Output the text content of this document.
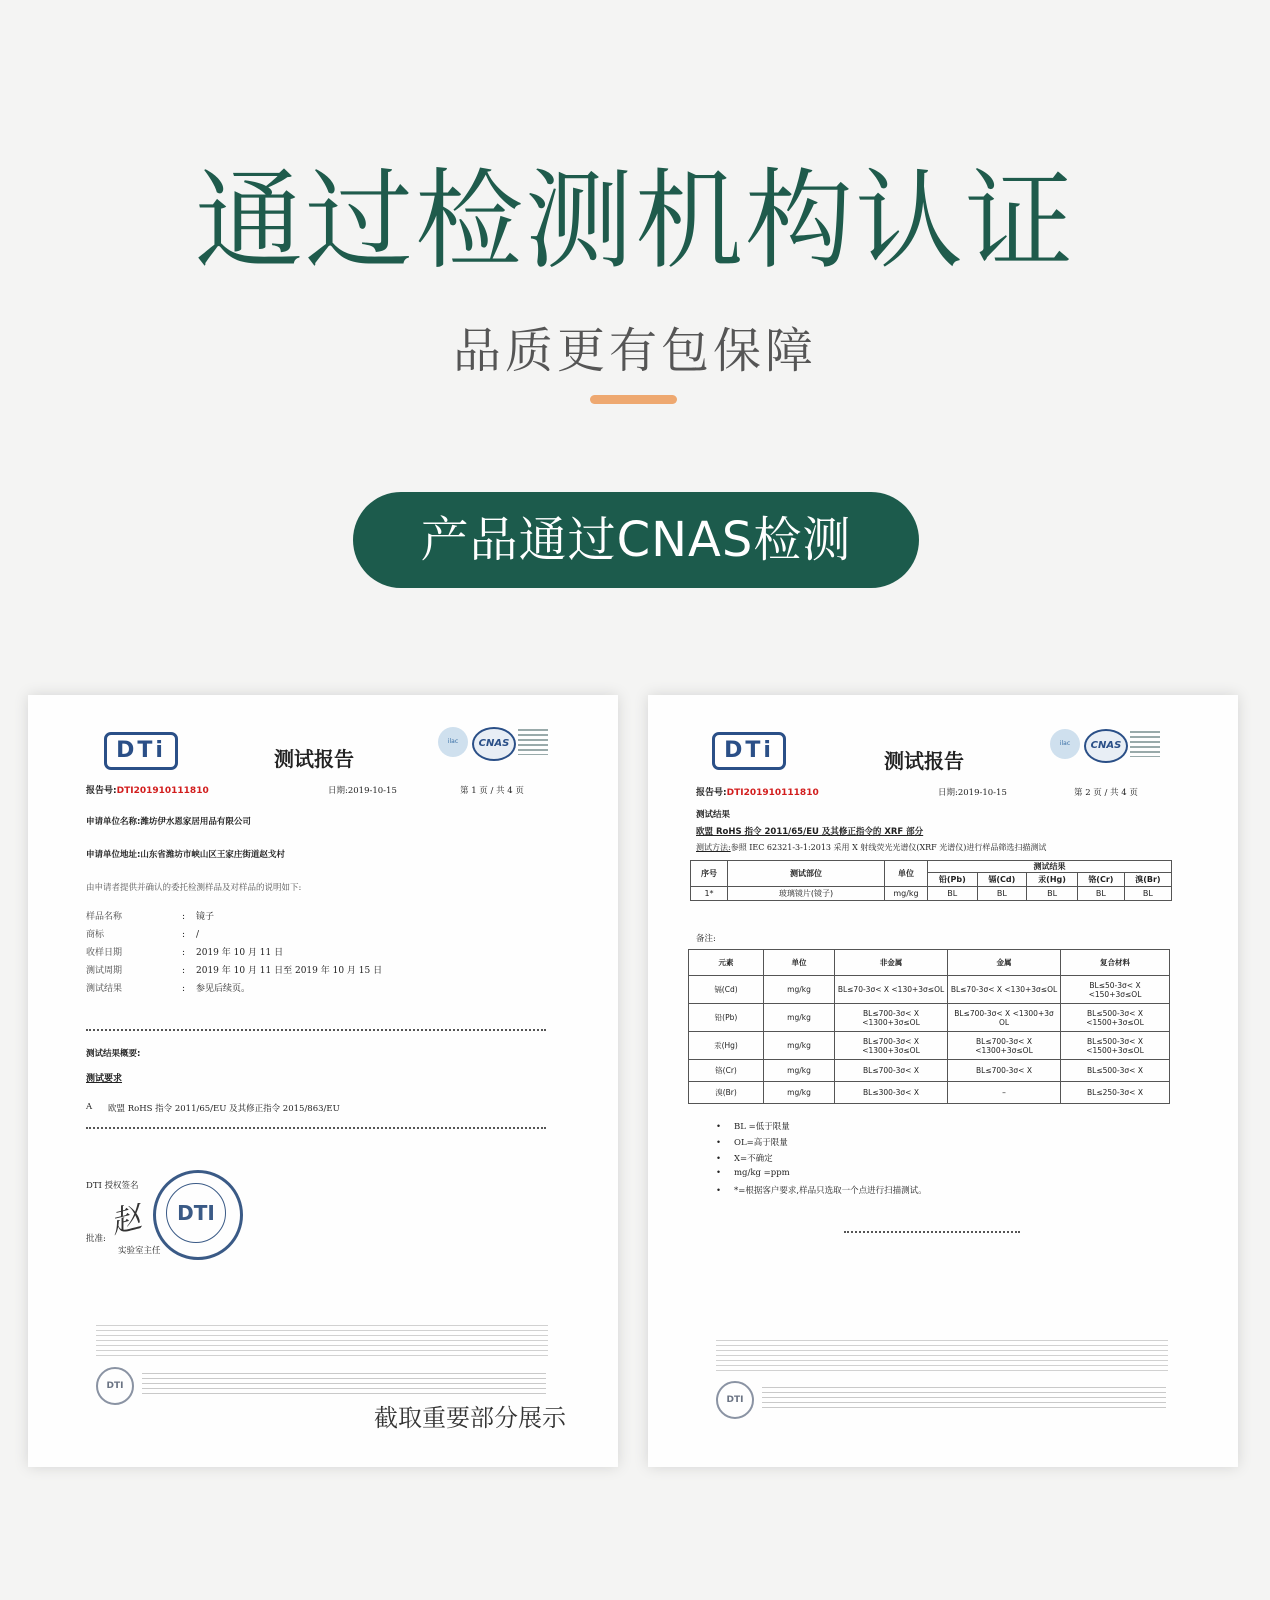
通过检测机构认证
品质更有包保障
产品通过CNAS检测
DTi	测试报告
ilac	CNAS
报告号:DTI201910111810	日期:2019-10-15	第 1 页 / 共 4 页
申请单位名称:潍坊伊水恩家居用品有限公司
申请单位地址:山东省潍坊市峡山区王家庄街道赵戈村
由申请者提供并确认的委托检测样品及对样品的说明如下:
样品名称	: 镜子
商标	: /
收样日期	: 2019 年 10 月 11 日
测试周期	: 2019 年 10 月 11 日至 2019 年 10 月 15 日
测试结果	: 参见后续页。
测试结果概要:
测试要求
A 欧盟 RoHS 指令 2011/65/EU 及其修正指令 2015/863/EU
DTI 授权签名
赵	DTI
批准:
实验室主任
DTI
截取重要部分展示
DTi	测试报告
ilac	CNAS
报告号:DTI201910111810	日期:2019-10-15	第 2 页 / 共 4 页
测试结果
欧盟 RoHS 指令 2011/65/EU 及其修正指令的 XRF 部分
测试方法:参照 IEC 62321-3-1:2013 采用 X 射线荧光光谱仪(XRF 光谱仪)进行样品筛选扫描测试
序号	测试部位	单位	测试结果				
			铅(Pb)	镉(Cd)	汞(Hg)	铬(Cr)	溴(Br)
1*	玻璃镜片(镜子)	mg/kg	BL	BL	BL	BL	BL
备注:
元素	单位	非金属	金属	复合材料
镉(Cd)	mg/kg	BL≤70-3σ< X <130+3σ≤OL	BL≤70-3σ< X <130+3σ≤OL	BL≤50-3σ< X <150+3σ≤OL
铅(Pb)	mg/kg	BL≤700-3σ< X <1300+3σ≤OL	BL≤700-3σ< X <1300+3σ OL	BL≤500-3σ< X <1500+3σ≤OL
汞(Hg)	mg/kg	BL≤700-3σ< X <1300+3σ≤OL	BL≤700-3σ< X <1300+3σ≤OL	BL≤500-3σ< X <1500+3σ≤OL
铬(Cr)	mg/kg	BL≤700-3σ< X	BL≤700-3σ< X	BL≤500-3σ< X
溴(Br)	mg/kg	BL≤300-3σ< X	–	BL≤250-3σ< X
• BL =低于限量
• OL=高于限量
• X=不确定
• mg/kg =ppm
• *=根据客户要求,样品只选取一个点进行扫描测试。
DTI
